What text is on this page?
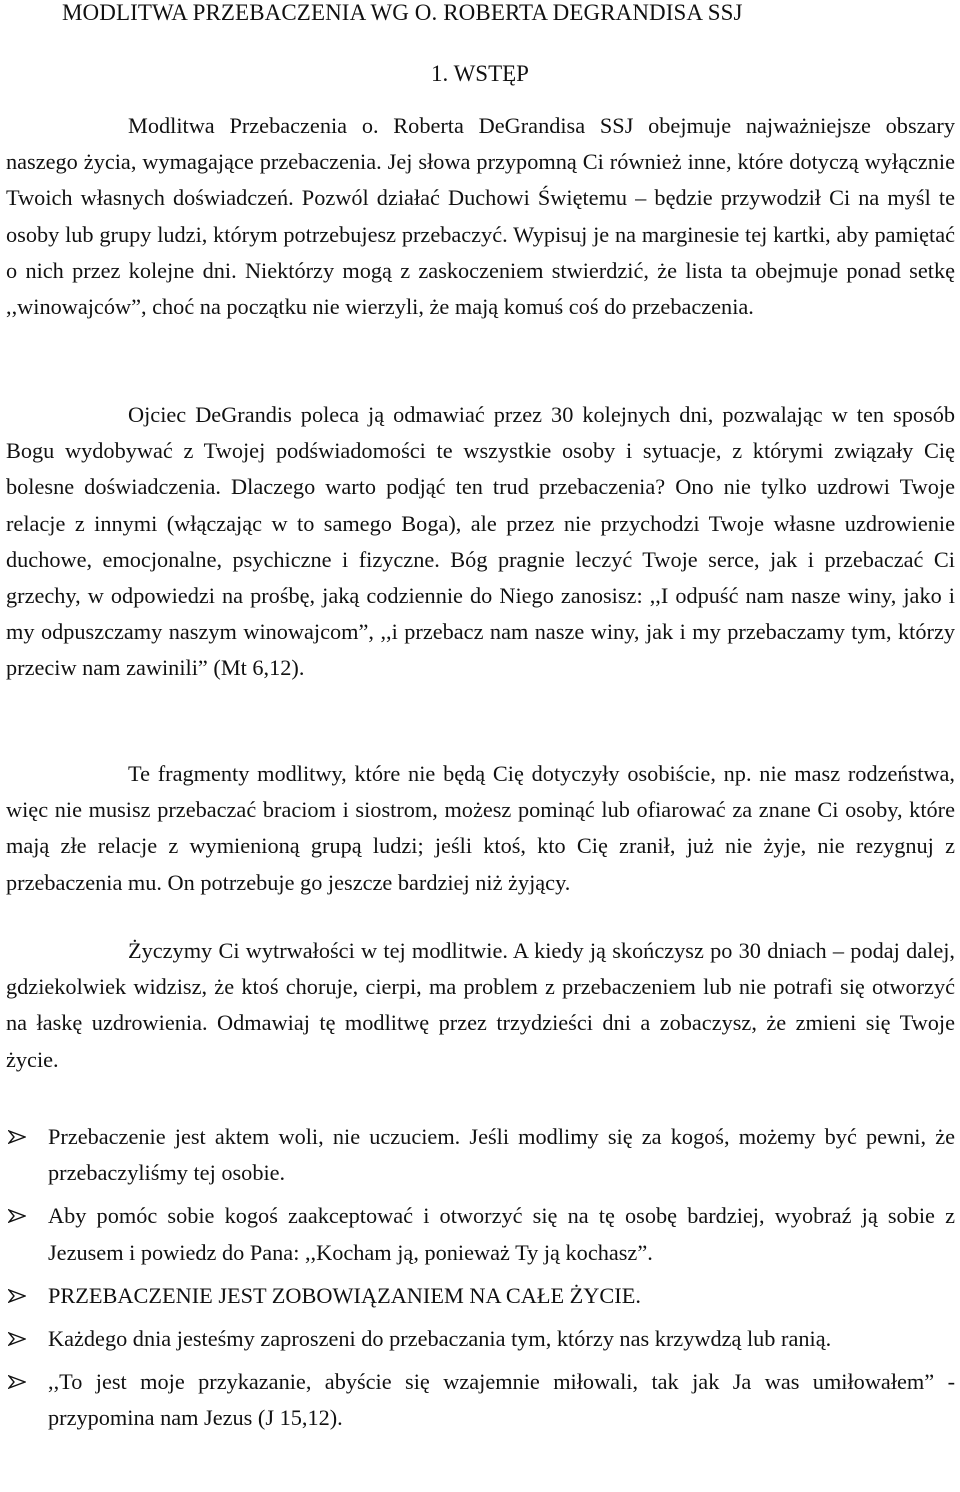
MODLITWA PRZEBACZENIA WG O. ROBERTA DEGRANDISA SSJ
1. WSTĘP

Modlitwa Przebaczenia o. Roberta DeGrandisa SSJ obejmuje najważniejsze obszary naszego życia, wymagające przebaczenia. Jej słowa przypomną Ci również inne, które dotyczą wyłącznie Twoich własnych doświadczeń. Pozwól działać Duchowi Świętemu – będzie przywodził Ci na myśl te osoby lub grupy ludzi, którym potrzebujesz przebaczyć. Wypisuj je na marginesie tej kartki, aby pamiętać o nich przez kolejne dni. Niektórzy mogą z zaskoczeniem stwierdzić, że lista ta obejmuje ponad setkę ,,winowajców”, choć na początku nie wierzyli, że mają komuś coś do przebaczenia.

Ojciec DeGrandis poleca ją odmawiać przez 30 kolejnych dni, pozwalając w ten sposób Bogu wydobywać z Twojej podświadomości te wszystkie osoby i sytuacje, z którymi związały Cię bolesne doświadczenia. Dlaczego warto podjąć ten trud przebaczenia? Ono nie tylko uzdrowi Twoje relacje z innymi (włączając w to samego Boga), ale przez nie przychodzi Twoje własne uzdrowienie duchowe, emocjonalne, psychiczne i fizyczne. Bóg pragnie leczyć Twoje serce, jak i przebaczać Ci grzechy, w odpowiedzi na prośbę, jaką codziennie do Niego zanosisz: ,,I odpuść nam nasze winy, jako i my odpuszczamy naszym winowajcom”, ,,i przebacz nam nasze winy, jak i my przebaczamy tym, którzy przeciw nam zawinili” (Mt 6,12).

Te fragmenty modlitwy, które nie będą Cię dotyczyły osobiście, np. nie masz rodzeństwa, więc nie musisz przebaczać braciom i siostrom, możesz pominąć lub ofiarować za znane Ci osoby, które mają złe relacje z wymienioną grupą ludzi; jeśli ktoś, kto Cię zranił, już nie żyje, nie rezygnuj z przebaczenia mu. On potrzebuje go jeszcze bardziej niż żyjący.

Życzymy Ci wytrwałości w tej modlitwie. A kiedy ją skończysz po 30 dniach – podaj dalej, gdziekolwiek widzisz, że ktoś choruje, cierpi, ma problem z przebaczeniem lub nie potrafi się otworzyć na łaskę uzdrowienia. Odmawiaj tę modlitwę przez trzydzieści dni a zobaczysz, że zmieni się Twoje życie.

Przebaczenie jest aktem woli, nie uczuciem. Jeśli modlimy się za kogoś, możemy być pewni, że przebaczyliśmy tej osobie.
Aby pomóc sobie kogoś zaakceptować i otworzyć się na tę osobę bardziej, wyobraź ją sobie z Jezusem i powiedz do Pana: ,,Kocham ją, ponieważ Ty ją kochasz”.
PRZEBACZENIE JEST ZOBOWIĄZANIEM NA CAŁE ŻYCIE.
Każdego dnia jesteśmy zaproszeni do przebaczania tym, którzy nas krzywdzą lub ranią.
,,To jest moje przykazanie, abyście się wzajemnie miłowali, tak jak Ja was umiłowałem” - przypomina nam Jezus (J 15,12).
